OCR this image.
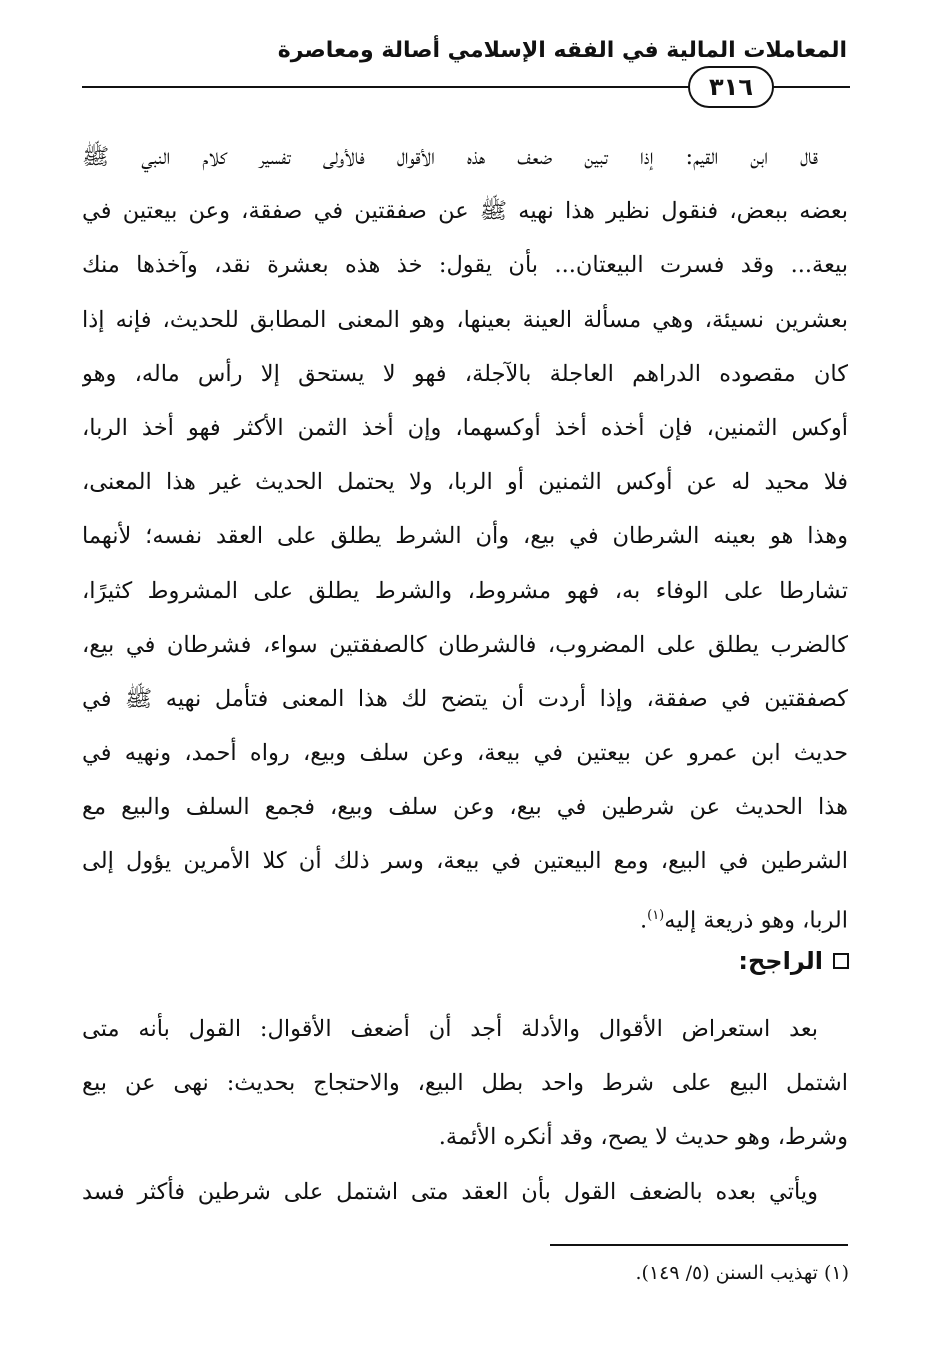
المعاملات المالية في الفقه الإسلامي أصالة ومعاصرة
٣١٦
قال ابن القيم: إذا تبين ضعف هذه الأقوال فالأولى تفسير كلام النبي ﷺ
بعضه ببعض، فنقول نظير هذا نهيه ﷺ عن صفقتين في صفقة، وعن بيعتين في
بيعة... وقد فسرت البيعتان... بأن يقول: خذ هذه بعشرة نقد، وآخذها منك
بعشرين نسيئة، وهي مسألة العينة بعينها، وهو المعنى المطابق للحديث، فإنه إذا
كان مقصوده الدراهم العاجلة بالآجلة، فهو لا يستحق إلا رأس ماله، وهو
أوكس الثمنين، فإن أخذه أخذ أوكسهما، وإن أخذ الثمن الأكثر فهو أخذ الربا،
فلا محيد له عن أوكس الثمنين أو الربا، ولا يحتمل الحديث غير هذا المعنى،
وهذا هو بعينه الشرطان في بيع، وأن الشرط يطلق على العقد نفسه؛ لأنهما
تشارطا على الوفاء به، فهو مشروط، والشرط يطلق على المشروط كثيرًا،
كالضرب يطلق على المضروب، فالشرطان كالصفقتين سواء، فشرطان في بيع،
كصفقتين في صفقة، وإذا أردت أن يتضح لك هذا المعنى فتأمل نهيه ﷺ في
حديث ابن عمرو عن بيعتين في بيعة، وعن سلف وبيع، رواه أحمد، ونهيه في
هذا الحديث عن شرطين في بيع، وعن سلف وبيع، فجمع السلف والبيع مع
الشرطين في البيع، ومع البيعتين في بيعة، وسر ذلك أن كلا الأمرين يؤول إلى
الربا، وهو ذريعة إليه$^{(١)}$.
الراجح:
بعد استعراض الأقوال والأدلة أجد أن أضعف الأقوال: القول بأنه متى
اشتمل البيع على شرط واحد بطل البيع، والاحتجاج بحديث: نهى عن بيع
وشرط، وهو حديث لا يصح، وقد أنكره الأئمة.
ويأتي بعده بالضعف القول بأن العقد متى اشتمل على شرطين فأكثر فسد
(١) تهذيب السنن (٥/ ١٤٩).
